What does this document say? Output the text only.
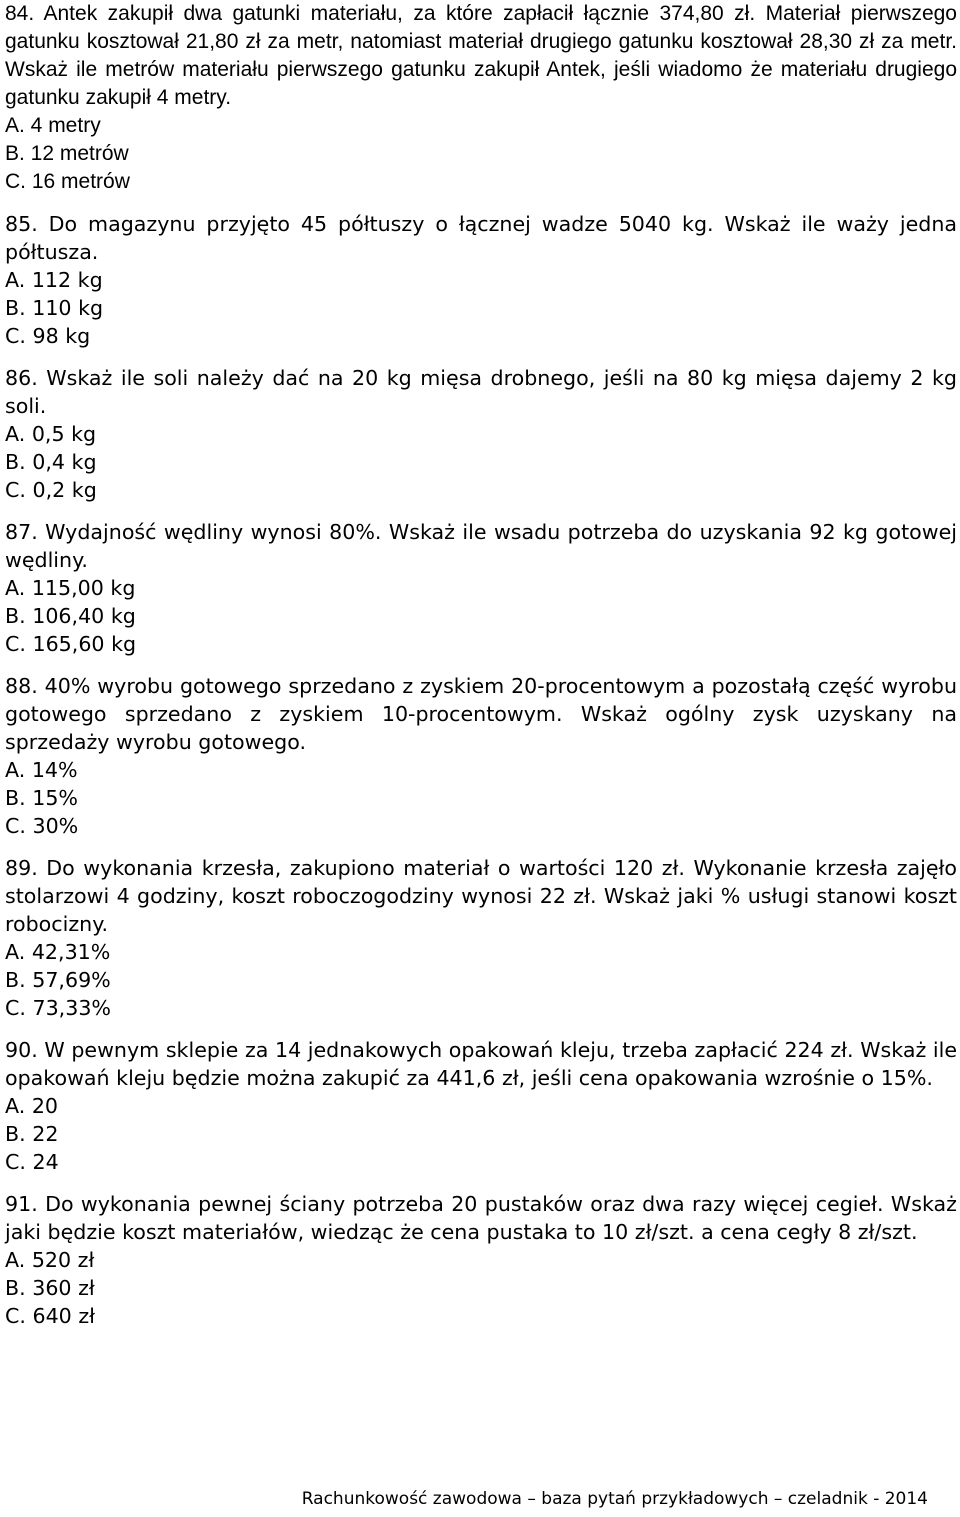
84. Antek zakupił dwa gatunki materiału, za które zapłacił łącznie 374,80 zł. Materiał pierwszego gatunku kosztował 21,80 zł za metr, natomiast materiał drugiego gatunku kosztował 28,30 zł za metr. Wskaż ile metrów materiału pierwszego gatunku zakupił Antek, jeśli wiadomo że materiału drugiego gatunku zakupił 4 metry.

A. 4 metry
B. 12 metrów
C. 16 metrów

85. Do magazynu przyjęto 45 półtuszy o łącznej wadze 5040 kg. Wskaż ile waży jedna półtusza.

A. 112 kg
B. 110 kg
C. 98 kg

86. Wskaż ile soli należy dać na 20 kg mięsa drobnego, jeśli na 80 kg mięsa dajemy 2 kg soli.

A. 0,5 kg
B. 0,4 kg
C. 0,2 kg

87. Wydajność wędliny wynosi 80%. Wskaż ile wsadu potrzeba do uzyskania 92 kg gotowej wędliny.

A. 115,00 kg
B. 106,40 kg
C. 165,60 kg

88. 40% wyrobu gotowego sprzedano z zyskiem 20-procentowym a pozostałą część wyrobu gotowego sprzedano z zyskiem 10-procentowym. Wskaż ogólny zysk uzyskany na sprzedaży wyrobu gotowego.

A. 14%
B. 15%
C. 30%

89. Do wykonania krzesła, zakupiono materiał o wartości 120 zł. Wykonanie krzesła zajęło stolarzowi 4 godziny, koszt roboczogodziny wynosi 22 zł. Wskaż jaki % usługi stanowi koszt robocizny.

A. 42,31%
B. 57,69%
C. 73,33%

90. W pewnym sklepie za 14 jednakowych opakowań kleju, trzeba zapłacić 224 zł. Wskaż ile opakowań kleju będzie można zakupić za 441,6 zł, jeśli cena opakowania wzrośnie o 15%.

A. 20
B. 22
C. 24

91. Do wykonania pewnej ściany potrzeba 20 pustaków oraz dwa razy więcej cegieł. Wskaż jaki będzie koszt materiałów, wiedząc że cena pustaka to 10 zł/szt. a cena cegły 8 zł/szt.

A. 520 zł
B. 360 zł
C. 640 zł
Rachunkowość zawodowa – baza pytań przykładowych – czeladnik - 2014
